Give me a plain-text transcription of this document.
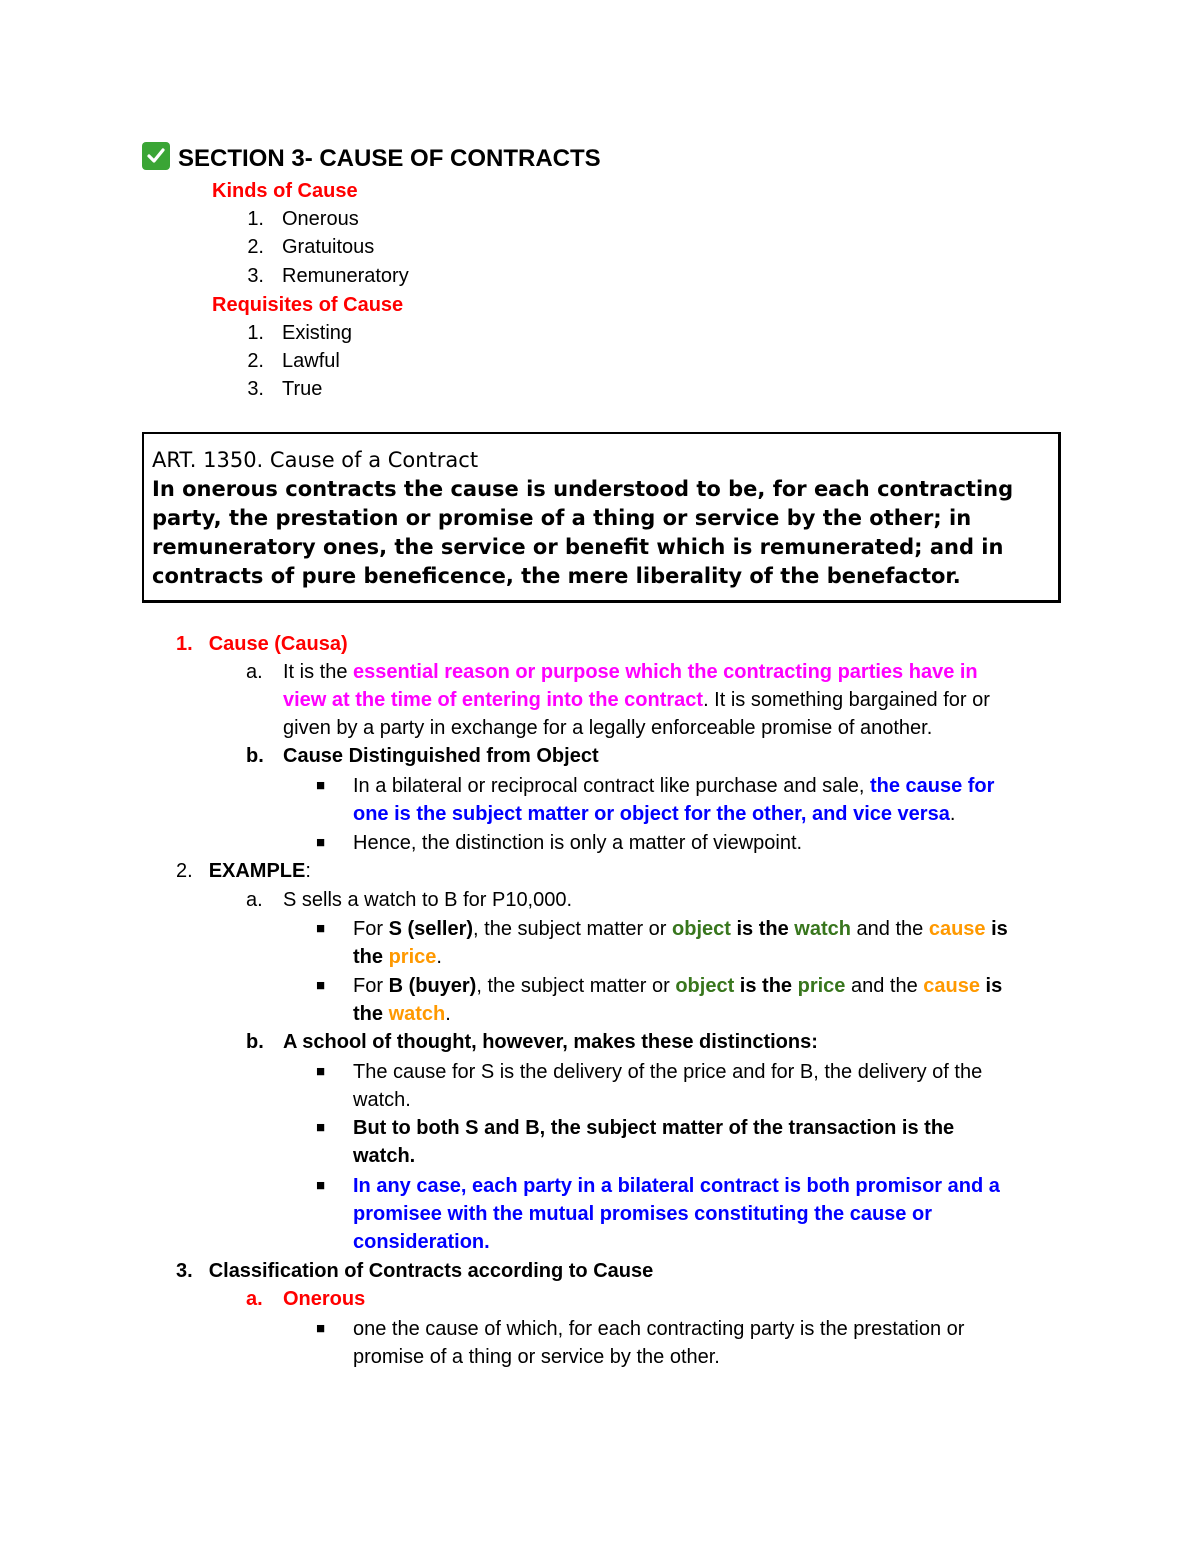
SECTION 3- CAUSE OF CONTRACTS
Kinds of Cause
1. Onerous
2. Gratuitous
3. Remuneratory
Requisites of Cause
1. Existing
2. Lawful
3. True
ART. 1350. Cause of a Contract
In onerous contracts the cause is understood to be, for each contracting
party, the prestation or promise of a thing or service by the other; in
remuneratory ones, the service or benefit which is remunerated; and in
contracts of pure beneficence, the mere liberality of the benefactor.
1. Cause (Causa)
a. It is the essential reason or purpose which the contracting parties have in
view at the time of entering into the contract. It is something bargained for or
given by a party in exchange for a legally enforceable promise of another.
b. Cause Distinguished from Object
■ In a bilateral or reciprocal contract like purchase and sale, the cause for
one is the subject matter or object for the other, and vice versa.
■ Hence, the distinction is only a matter of viewpoint.
2. EXAMPLE:
a. S sells a watch to B for P10,000.
■ For S (seller), the subject matter or object is the watch and the cause is
the price.
■ For B (buyer), the subject matter or object is the price and the cause is
the watch.
b. A school of thought, however, makes these distinctions:
■ The cause for S is the delivery of the price and for B, the delivery of the
watch.
■ But to both S and B, the subject matter of the transaction is the
watch.
■ In any case, each party in a bilateral contract is both promisor and a
promisee with the mutual promises constituting the cause or
consideration.
3. Classification of Contracts according to Cause
a. Onerous
■ one the cause of which, for each contracting party is the prestation or
promise of a thing or service by the other.
